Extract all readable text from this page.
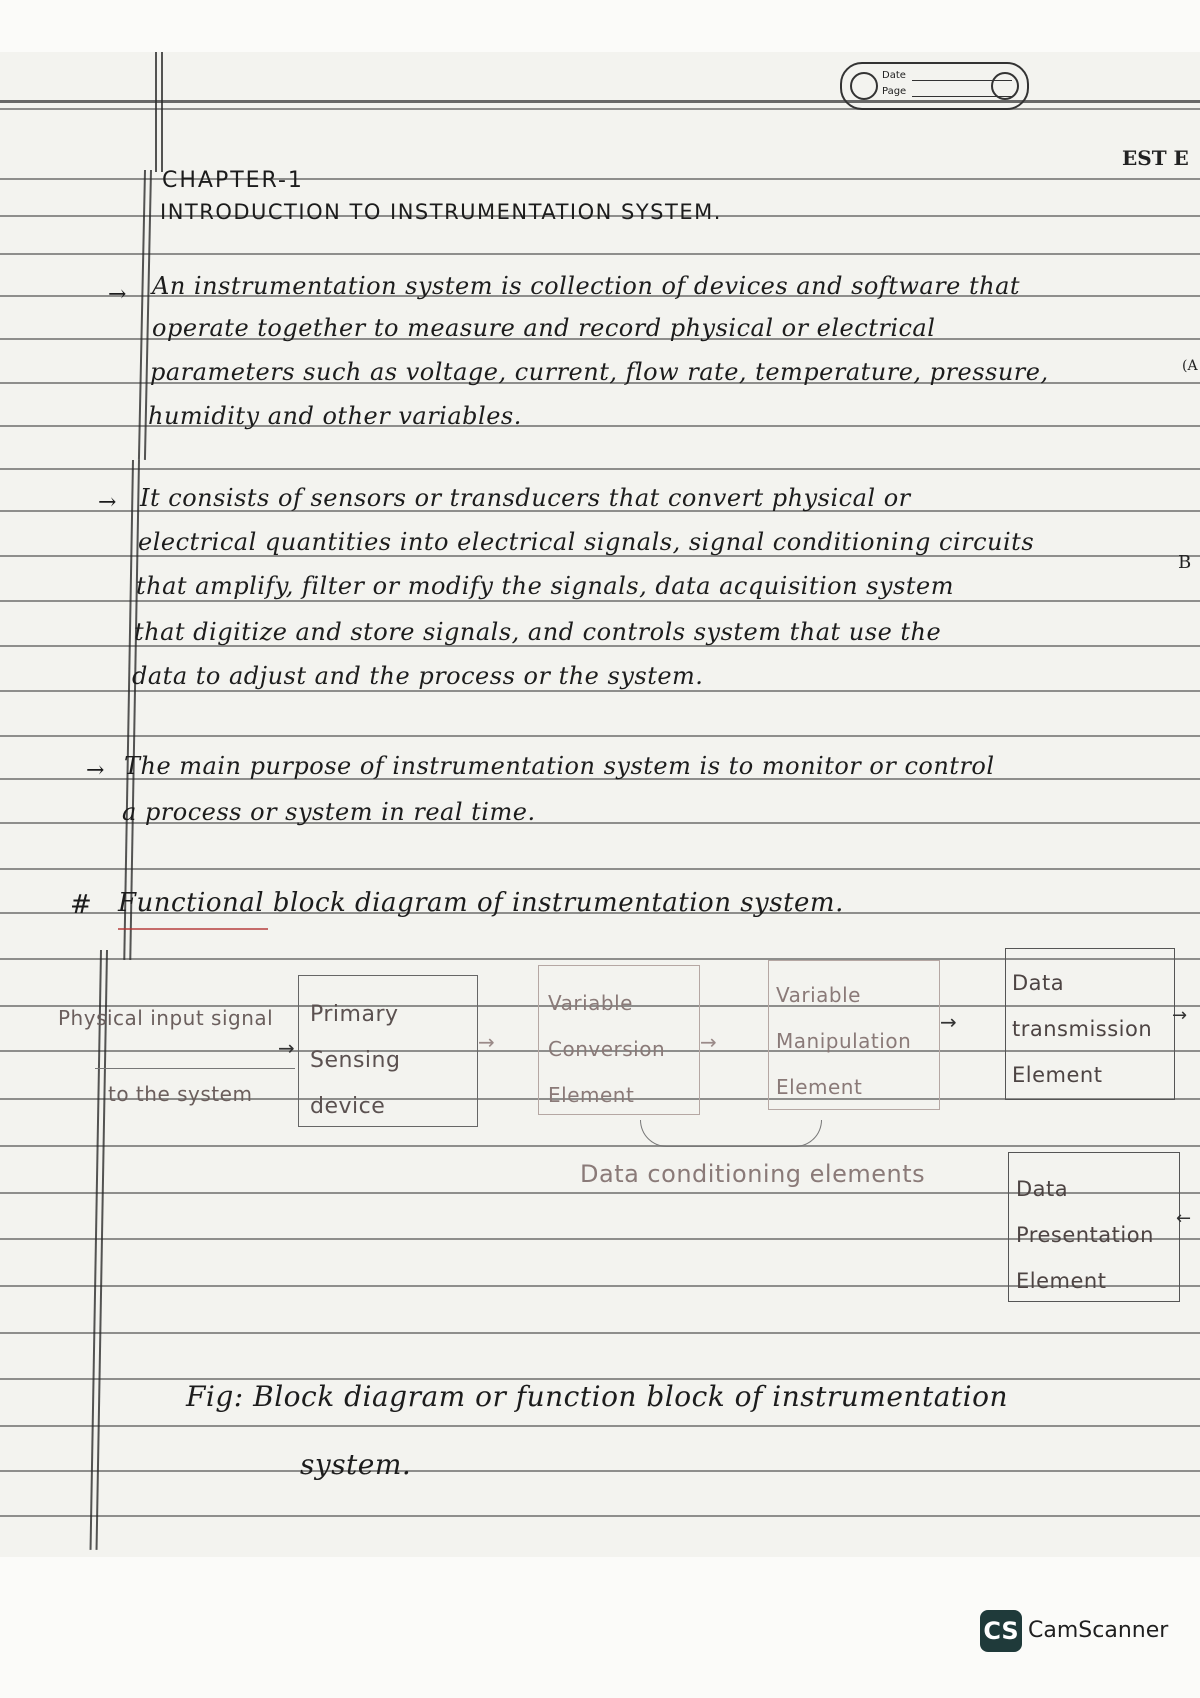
Date
Page
EST E
(A
B
CHAPTER-1
INTRODUCTION TO INSTRUMENTATION SYSTEM.
→ An instrumentation system is collection of devices and software that
operate together to measure and record physical or electrical
parameters such as voltage, current, flow rate, temperature, pressure,
humidity and other variables.
→ It consists of sensors or transducers that convert physical or
electrical quantities into electrical signals, signal conditioning circuits
that amplify, filter or modify the signals, data acquisition system
that digitize and store signals, and controls system that use the
data to adjust and the process or the system.
→ The main purpose of instrumentation system is to monitor or control
a process or system in real time.
# Functional block diagram of instrumentation system.
Physical input signal
to the system
→
Primary
Sensing
device
→
Variable
Conversion
Element
→
Variable
Manipulation
Element
→
Data
transmission
Element
→
Data conditioning elements
Data
Presentation
Element
←
Fig: Block diagram or function block of instrumentation
system.
CS CamScanner
